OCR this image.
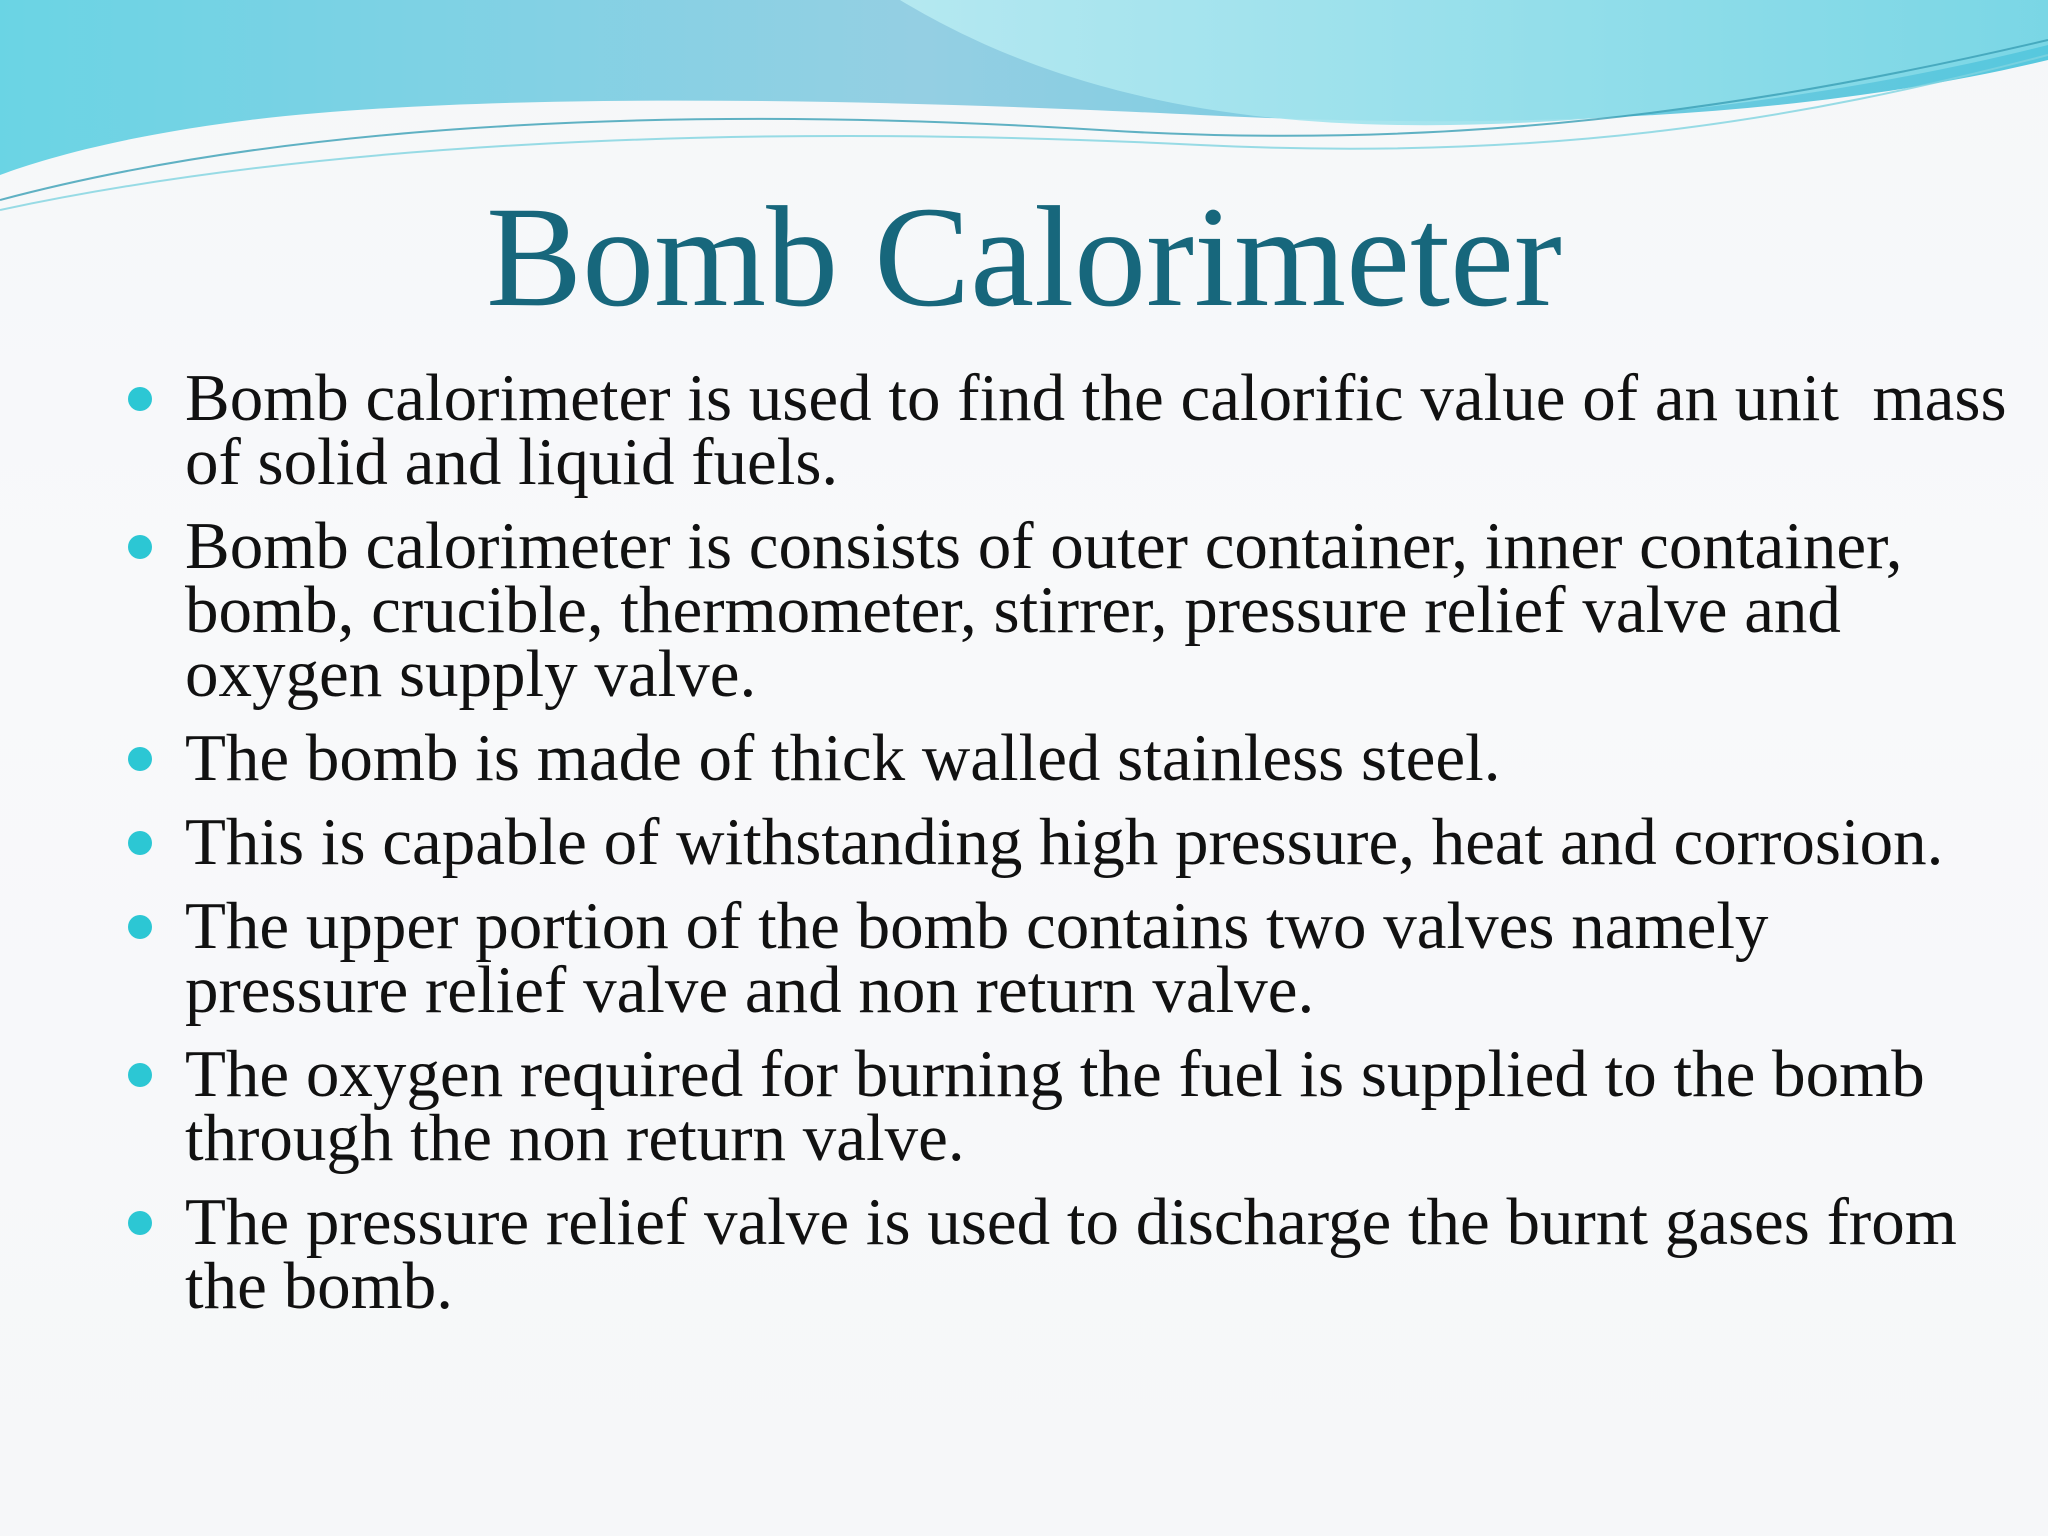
Bomb Calorimeter
Bomb calorimeter is used to find the calorific value of an unit  mass of solid and liquid fuels.
Bomb calorimeter is consists of outer container, inner container, bomb, crucible, thermometer, stirrer, pressure relief valve and oxygen supply valve.
The bomb is made of thick walled stainless steel.
This is capable of withstanding high pressure, heat and corrosion.
The upper portion of the bomb contains two valves namely pressure relief valve and non return valve.
The oxygen required for burning the fuel is supplied to the bomb through the non return valve.
The pressure relief valve is used to discharge the burnt gases from the bomb.
